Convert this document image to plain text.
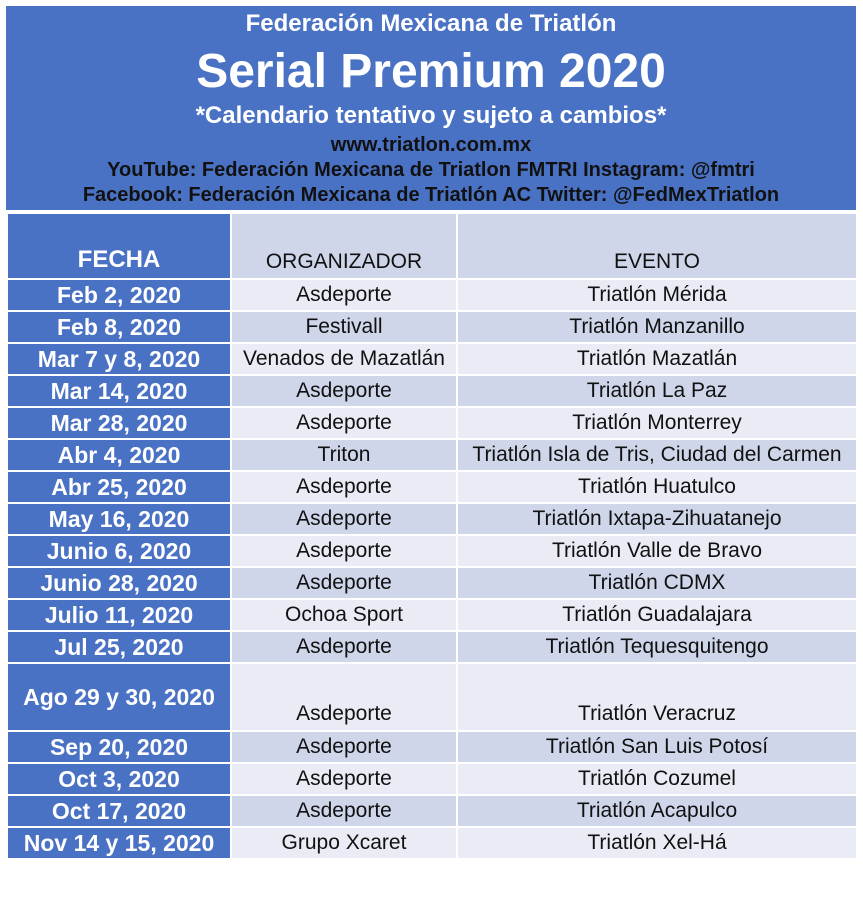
Federación Mexicana de Triatlón
Serial Premium 2020
*Calendario tentativo y sujeto a cambios*
www.triatlon.com.mx
YouTube: Federación Mexicana de Triatlon FMTRI Instagram: @fmtri
Facebook: Federación Mexicana de Triatlón AC Twitter: @FedMexTriatlon
FECHA	ORGANIZADOR	EVENTO
Feb 2, 2020	Asdeporte	Triatlón Mérida
Feb 8, 2020	Festivall	Triatlón Manzanillo
Mar 7 y 8, 2020	Venados de Mazatlán	Triatlón Mazatlán
Mar 14, 2020	Asdeporte	Triatlón La Paz
Mar 28, 2020	Asdeporte	Triatlón Monterrey
Abr 4, 2020	Triton	Triatlón Isla de Tris, Ciudad del Carmen
Abr 25, 2020	Asdeporte	Triatlón Huatulco
May 16, 2020	Asdeporte	Triatlón Ixtapa-Zihuatanejo
Junio 6, 2020	Asdeporte	Triatlón Valle de Bravo
Junio 28, 2020	Asdeporte	Triatlón CDMX
Julio 11, 2020	Ochoa Sport	Triatlón Guadalajara
Jul 25, 2020	Asdeporte	Triatlón Tequesquitengo
Ago 29 y 30, 2020	Asdeporte	Triatlón Veracruz
Sep 20, 2020	Asdeporte	Triatlón San Luis Potosí
Oct 3, 2020	Asdeporte	Triatlón Cozumel
Oct 17, 2020	Asdeporte	Triatlón Acapulco
Nov 14 y 15, 2020	Grupo Xcaret	Triatlón Xel-Há
